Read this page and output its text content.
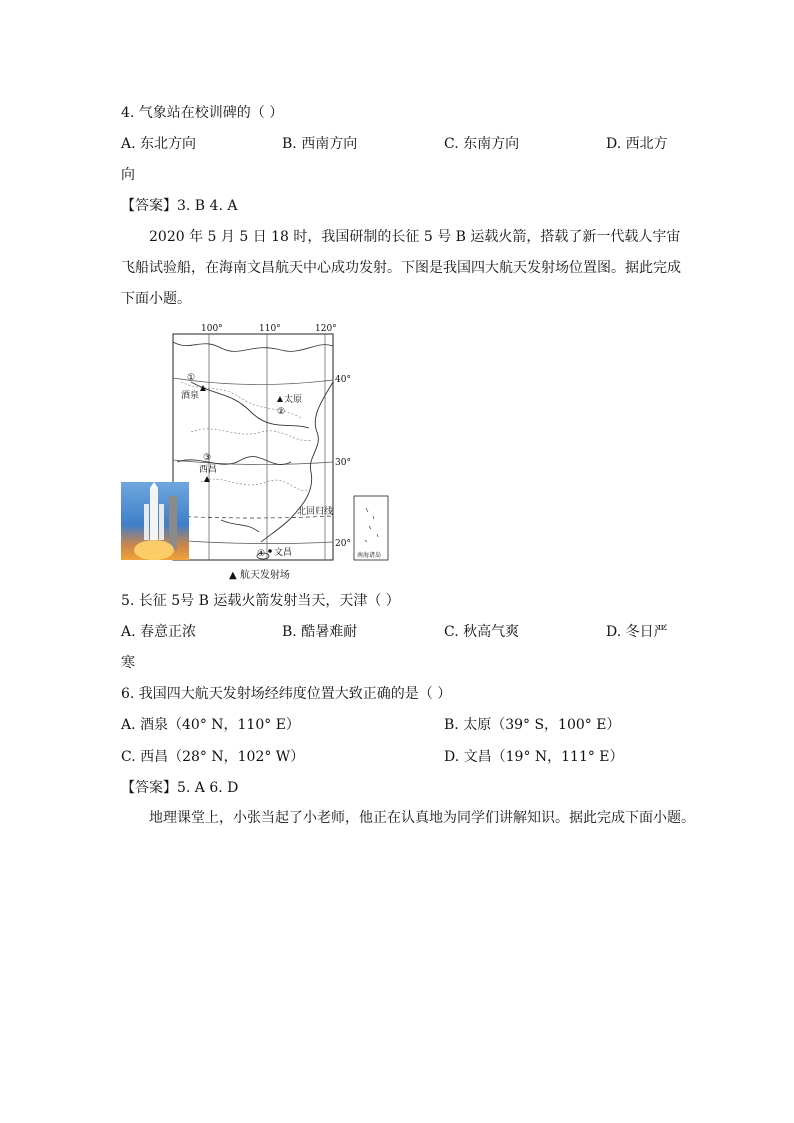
4. 气象站在校训碑的（ ）
A. 东北方向	B. 西南方向	C. 东南方向	D. 西北方
向
【答案】3. B 4. A
2020 年 5 月 5 日 18 时，我国研制的长征 5 号 B 运载火箭，搭载了新一代载人宇宙飞船试验船，在海南文昌航天中心成功发射。下图是我国四大航天发射场位置图。据此完成下面小题。
100°	110°	120°
40°
30°
20°
①
酒泉	太原
②
③
西昌
④ 文昌
北回归线
南海诸岛
▲ 航天发射场
5. 长征 5号 B 运载火箭发射当天，天津（ ）
A. 春意正浓	B. 酷暑难耐	C. 秋高气爽	D. 冬日严
寒
6. 我国四大航天发射场经纬度位置大致正确的是（ ）
A. 酒泉（40° N，110° E）	B. 太原（39° S，100° E）
C. 西昌（28° N，102° W）	D. 文昌（19° N，111° E）
【答案】5. A 6. D
地理课堂上，小张当起了小老师，他正在认真地为同学们讲解知识。据此完成下面小题。
